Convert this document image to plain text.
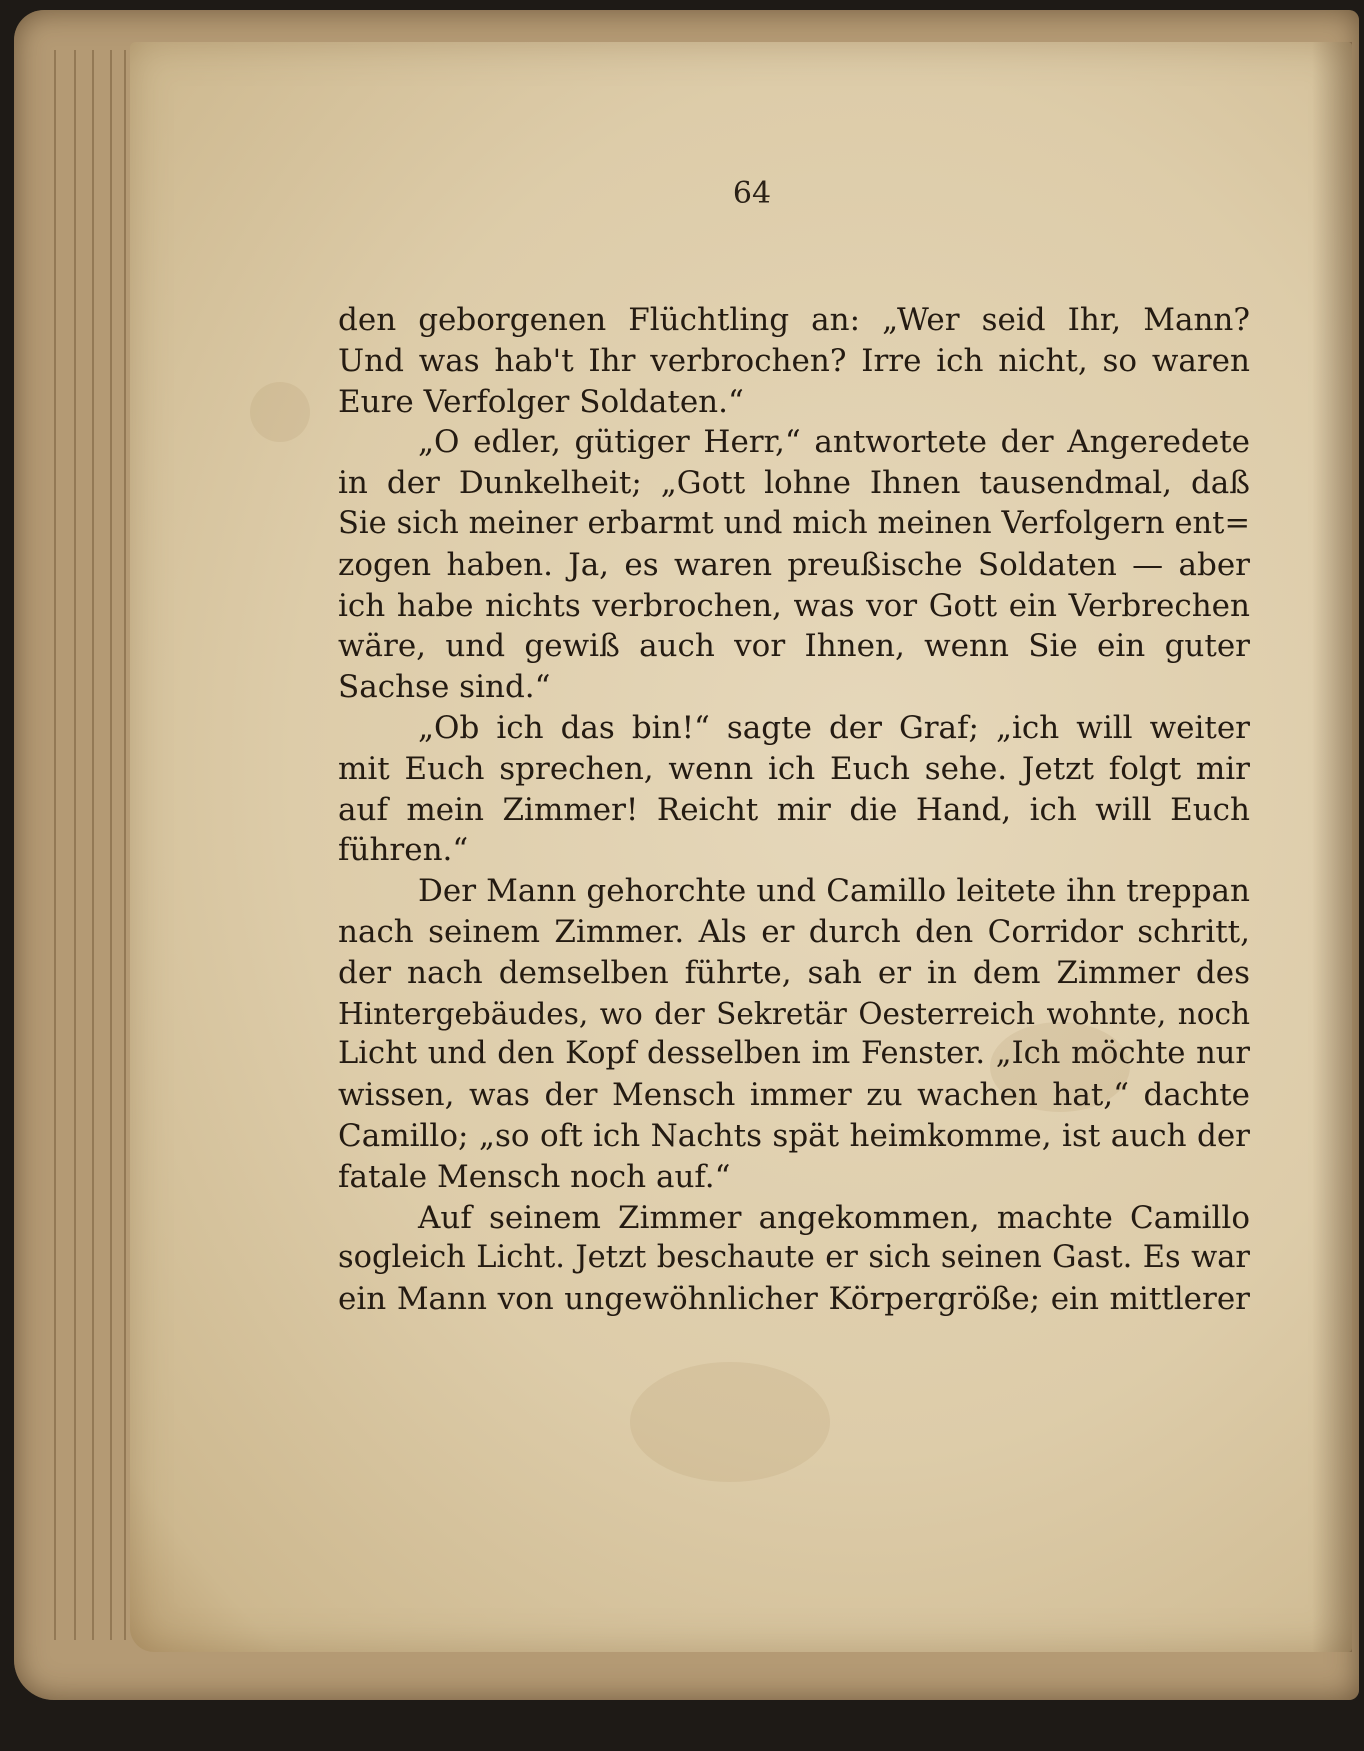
64
den geborgenen Flüchtling an: „Wer seid Ihr, Mann?
Und was hab't Ihr verbrochen? Irre ich nicht, so waren
Eure Verfolger Soldaten.“
„O edler, gütiger Herr,“ antwortete der Angeredete
in der Dunkelheit; „Gott lohne Ihnen tausendmal, daß
Sie sich meiner erbarmt und mich meinen Verfolgern ent=
zogen haben. Ja, es waren preußische Soldaten — aber
ich habe nichts verbrochen, was vor Gott ein Verbrechen
wäre, und gewiß auch vor Ihnen, wenn Sie ein guter
Sachse sind.“
„Ob ich das bin!“ sagte der Graf; „ich will weiter
mit Euch sprechen, wenn ich Euch sehe. Jetzt folgt mir
auf mein Zimmer! Reicht mir die Hand, ich will Euch
führen.“
Der Mann gehorchte und Camillo leitete ihn treppan
nach seinem Zimmer. Als er durch den Corridor schritt,
der nach demselben führte, sah er in dem Zimmer des
Hintergebäudes, wo der Sekretär Oesterreich wohnte, noch
Licht und den Kopf desselben im Fenster. „Ich möchte nur
wissen, was der Mensch immer zu wachen hat,“ dachte
Camillo; „so oft ich Nachts spät heimkomme, ist auch der
fatale Mensch noch auf.“
Auf seinem Zimmer angekommen, machte Camillo
sogleich Licht. Jetzt beschaute er sich seinen Gast. Es war
ein Mann von ungewöhnlicher Körpergröße; ein mittlerer
